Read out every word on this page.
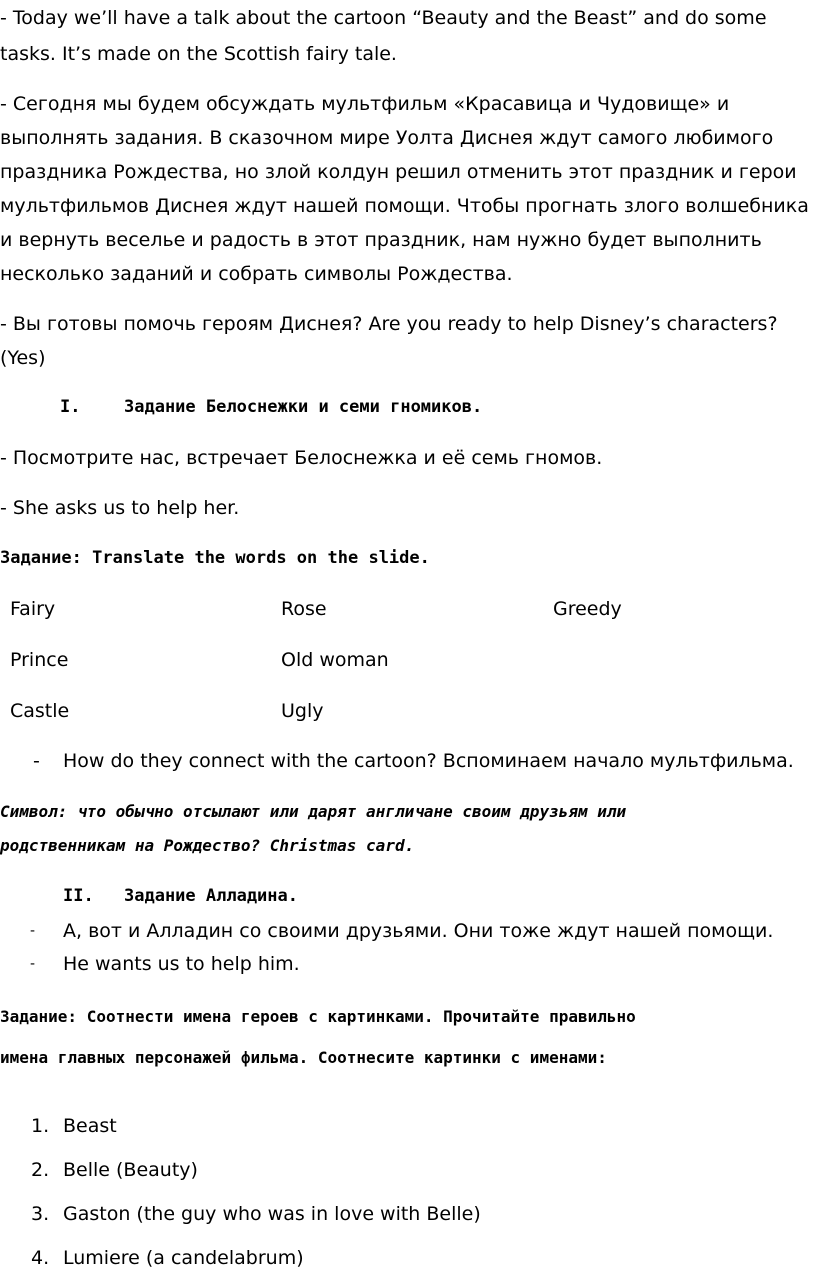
- Today we’ll have a talk about the cartoon “Beauty and the Beast” and do some
tasks. It’s made on the Scottish fairy tale.
- Сегодня мы будем обсуждать мультфильм «Красавица и Чудовище» и
выполнять задания. В сказочном мире Уолта Диснея ждут самого любимого
праздника Рождества, но злой колдун решил отменить этот праздник и герои
мультфильмов Диснея ждут нашей помощи. Чтобы прогнать злого волшебника
и вернуть веселье и радость в этот праздник, нам нужно будет выполнить
несколько заданий и собрать символы Рождества.
- Вы готовы помочь героям Диснея? Are you ready to help Disney’s characters?
(Yes)
I.	Задание Белоснежки и семи гномиков.
- Посмотрите нас, встречает Белоснежка и её семь гномов.
- She asks us to help her.
Задание: Translate the words on the slide.
Fairy	Rose	Greedy
Prince	Old woman
Castle	Ugly
- How do they connect with the cartoon? Вспоминаем начало мультфильма.
Символ: что обычно отсылают или дарят англичане своим друзьям или
родственникам на Рождество? Christmas card.
II. Задание Алладина.
- А, вот и Алладин со своими друзьями. Они тоже ждут нашей помощи.
- He wants us to help him.
Задание: Соотнести имена героев с картинками. Прочитайте правильно
имена главных персонажей фильма. Соотнесите картинки с именами:
1. Beast
2. Belle (Beauty)
3. Gaston (the guy who was in love with Belle)
4. Lumiere (a candelabrum)
